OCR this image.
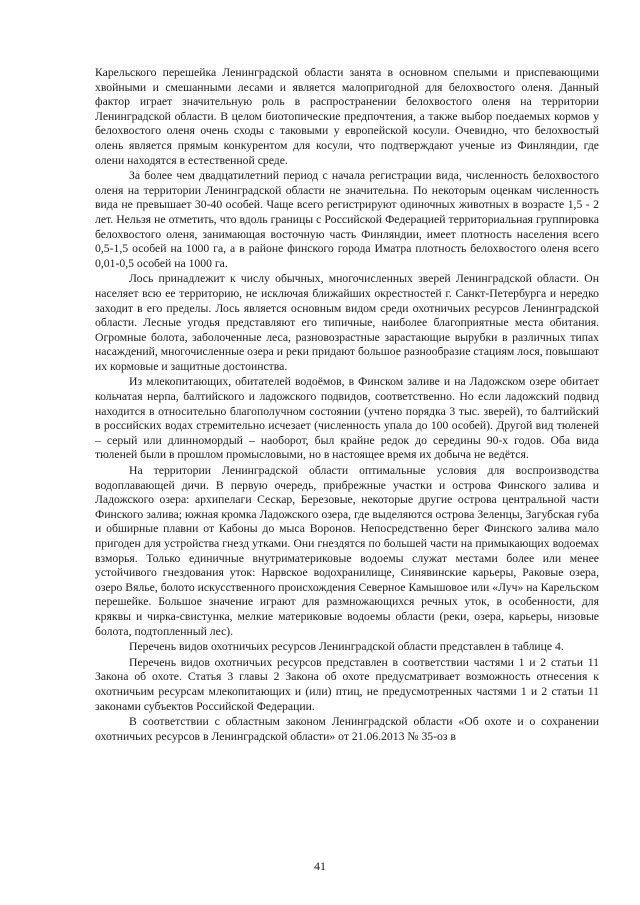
Карельского перешейка Ленинградской области занята в основном спелыми и приспевающими хвойными и смешанными лесами и является малопригодной для белохвостого оленя. Данный фактор играет значительную роль в распространении белохвостого оленя на территории Ленинградской области. В целом биотопические предпочтения, а также выбор поедаемых кормов у белохвостого оленя очень сходы с таковыми у европейской косули. Очевидно, что белохвостый олень является прямым конкурентом для косули, что подтверждают ученые из Финляндии, где олени находятся в естественной среде.

За более чем двадцатилетний период с начала регистрации вида, численность белохвостого оленя на территории Ленинградской области не значительна. По некоторым оценкам численность вида не превышает 30-40 особей. Чаще всего регистрируют одиночных животных в возрасте 1,5 - 2 лет. Нельзя не отметить, что вдоль границы с Российской Федерацией территориальная группировка белохвостого оленя, занимающая восточную часть Финляндии, имеет плотность населения всего 0,5-1,5 особей на 1000 га, а в районе финского города Иматра плотность белохвостого оленя всего 0,01-0,5 особей на 1000 га.

Лось принадлежит к числу обычных, многочисленных зверей Ленинградской области. Он населяет всю ее территорию, не исключая ближайших окрестностей г. Санкт-Петербурга и нередко заходит в его пределы. Лось является основным видом среди охотничьих ресурсов Ленинградской области. Лесные угодья представляют его типичные, наиболее благоприятные места обитания. Огромные болота, заболоченные леса, разновозрастные зарастающие вырубки в различных типах насаждений, многочисленные озера и реки придают большое разнообразие стациям лося, повышают их кормовые и защитные достоинства.

Из млекопитающих, обитателей водоёмов, в Финском заливе и на Ладожском озере обитает кольчатая нерпа, балтийского и ладожского подвидов, соответственно. Но если ладожский подвид находится в относительно благополучном состоянии (учтено порядка 3 тыс. зверей), то балтийский в российских водах стремительно исчезает (численность упала до 100 особей). Другой вид тюленей – серый или длинномордый – наоборот, был крайне редок до середины 90-х годов. Оба вида тюленей были в прошлом промысловыми, но в настоящее время их добыча не ведётся.

На территории Ленинградской области оптимальные условия для воспроизводства водоплавающей дичи. В первую очередь, прибрежные участки и острова Финского залива и Ладожского озера: архипелаги Сескар, Березовые, некоторые другие острова центральной части Финского залива; южная кромка Ладожского озера, где выделяются острова Зеленцы, Загубская губа и обширные плавни от Кабоны до мыса Воронов. Непосредственно берег Финского залива мало пригоден для устройства гнезд утками. Они гнездятся по большей части на примыкающих водоемах взморья. Только единичные внутриматериковые водоемы служат местами более или менее устойчивого гнездования уток: Нарвское водохранилище, Синявинские карьеры, Раковые озера, озеро Вялье, болото искусственного происхождения Северное Камышовое или «Луч» на Карельском перешейке. Большое значение играют для размножающихся речных уток, в особенности, для кряквы и чирка-свистунка, мелкие материковые водоемы области (реки, озера, карьеры, низовые болота, подтопленный лес).

Перечень видов охотничьих ресурсов Ленинградской области представлен в таблице 4.

Перечень видов охотничьих ресурсов представлен в соответствии частями 1 и 2 статьи 11 Закона об охоте. Статья 3 главы 2 Закона об охоте предусматривает возможность отнесения к охотничьим ресурсам млекопитающих и (или) птиц, не предусмотренных частями 1 и 2 статьи 11 законами субъектов Российской Федерации.

В соответствии с областным законом Ленинградской области «Об охоте и о сохранении охотничьих ресурсов в Ленинградской области» от 21.06.2013 № 35-оз в

41
